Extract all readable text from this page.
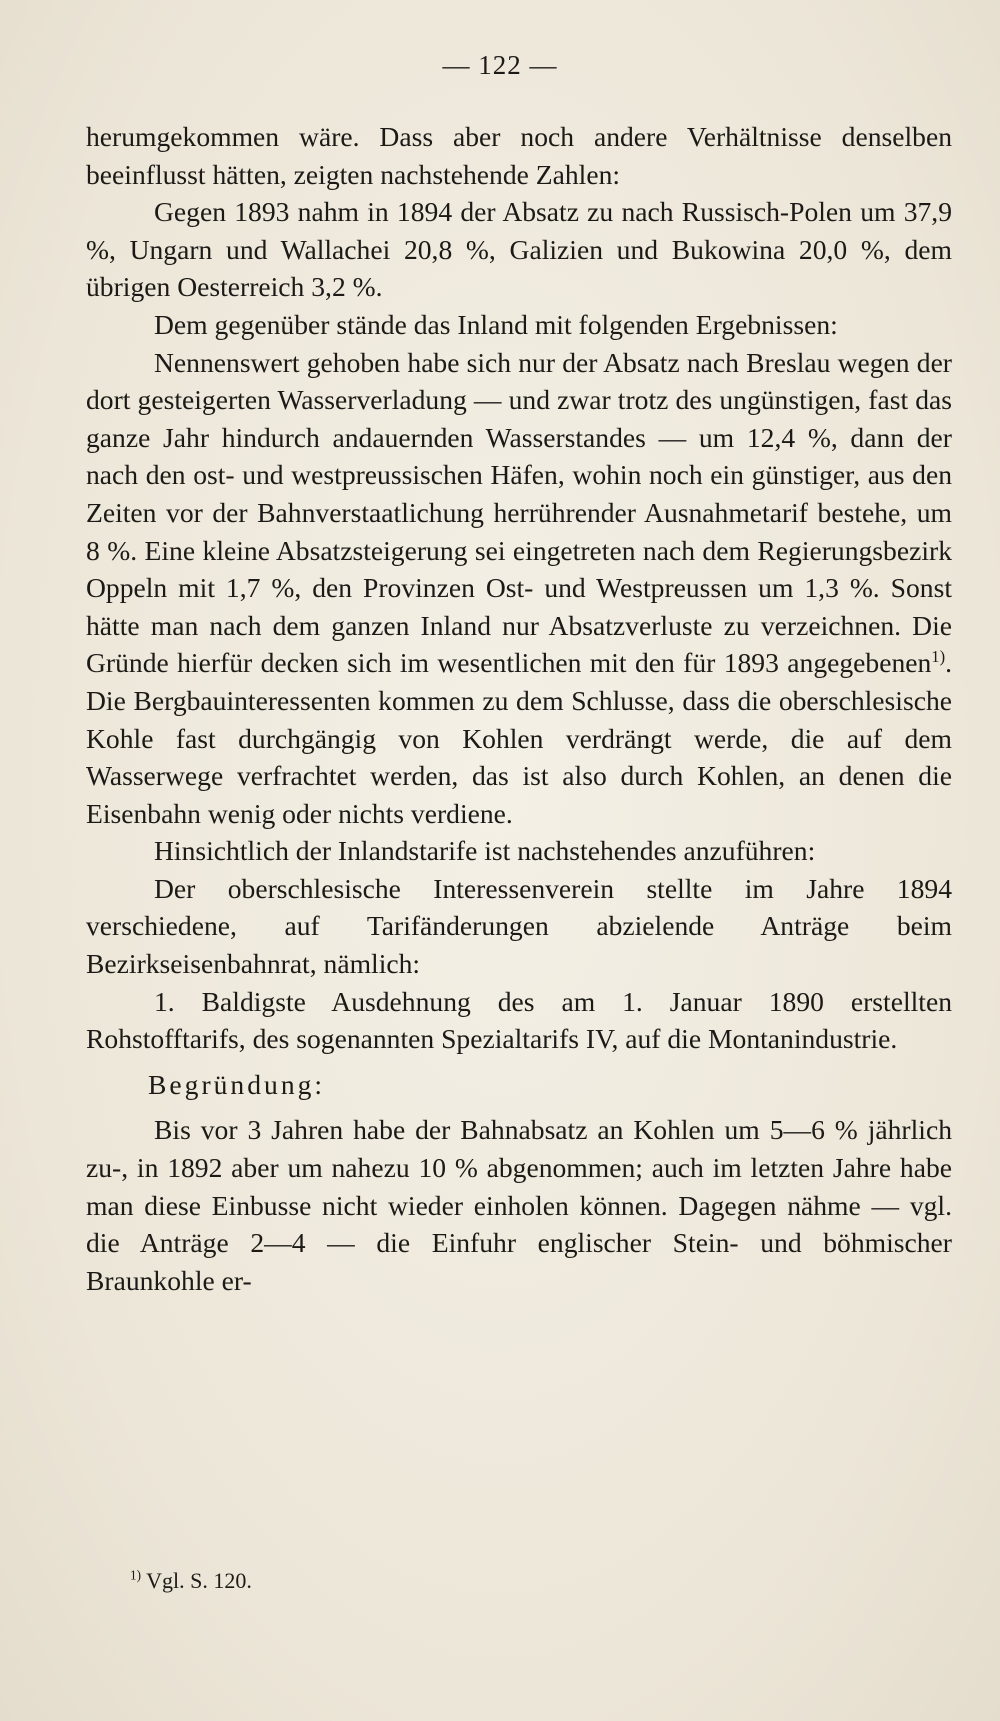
— 122 —

herumgekommen wäre. Dass aber noch andere Verhältnisse denselben beeinflusst hätten, zeigten nachstehende Zahlen:

Gegen 1893 nahm in 1894 der Absatz zu nach Russisch-Polen um 37,9 %, Ungarn und Wallachei 20,8 %, Galizien und Bukowina 20,0 %, dem übrigen Oesterreich 3,2 %.

Dem gegenüber stände das Inland mit folgenden Ergebnissen:

Nennenswert gehoben habe sich nur der Absatz nach Breslau wegen der dort gesteigerten Wasserverladung — und zwar trotz des ungünstigen, fast das ganze Jahr hindurch andauernden Wasserstandes — um 12,4 %, dann der nach den ost- und westpreussischen Häfen, wohin noch ein günstiger, aus den Zeiten vor der Bahnverstaatlichung herrührender Ausnahmetarif bestehe, um 8 %. Eine kleine Absatzsteigerung sei eingetreten nach dem Regierungsbezirk Oppeln mit 1,7 %, den Provinzen Ost- und Westpreussen um 1,3 %. Sonst hätte man nach dem ganzen Inland nur Absatzverluste zu verzeichnen. Die Gründe hierfür decken sich im wesentlichen mit den für 1893 angegebenen$^{1)}$. Die Bergbauinteressenten kommen zu dem Schlusse, dass die oberschlesische Kohle fast durchgängig von Kohlen verdrängt werde, die auf dem Wasserwege verfrachtet werden, das ist also durch Kohlen, an denen die Eisenbahn wenig oder nichts verdiene.

Hinsichtlich der Inlandstarife ist nachstehendes anzuführen:

Der oberschlesische Interessenverein stellte im Jahre 1894 verschiedene, auf Tarifänderungen abzielende Anträge beim Bezirkseisenbahnrat, nämlich:

1. Baldigste Ausdehnung des am 1. Januar 1890 erstellten Rohstofftarifs, des sogenannten Spezialtarifs IV, auf die Montanindustrie.

Begründung:

Bis vor 3 Jahren habe der Bahnabsatz an Kohlen um 5—6 % jährlich zu-, in 1892 aber um nahezu 10 % abgenommen; auch im letzten Jahre habe man diese Einbusse nicht wieder einholen können. Dagegen nähme — vgl. die Anträge 2—4 — die Einfuhr englischer Stein- und böhmischer Braunkohle er-

$^{1)}$ Vgl. S. 120.
